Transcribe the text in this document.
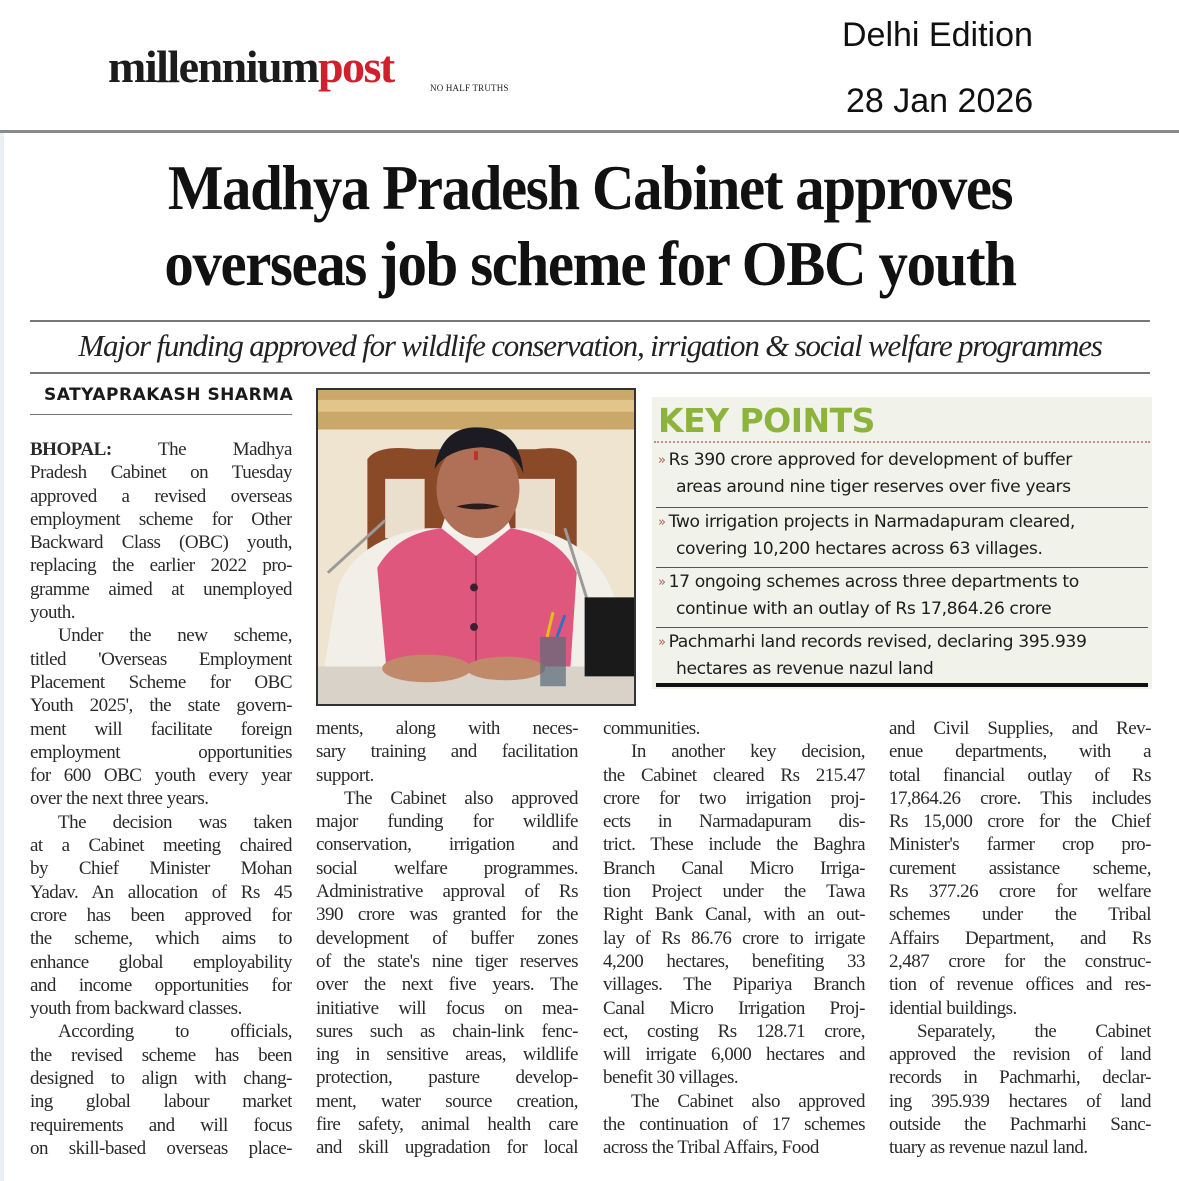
millenniumpost	NO HALF TRUTHS
Delhi Edition
28 Jan 2026
Madhya Pradesh Cabinet approves
overseas job scheme for OBC youth
Major funding approved for wildlife conservation, irrigation & social welfare programmes
SATYAPRAKASH SHARMA
KEY POINTS
» Rs 390 crore approved for development of buffer
areas around nine tiger reserves over five years
» Two irrigation projects in Narmadapuram cleared,
covering 10,200 hectares across 63 villages.
» 17 ongoing schemes across three departments to
continue with an outlay of Rs 17,864.26 crore
» Pachmarhi land records revised, declaring 395.939
hectares as revenue nazul land
BHOPAL: The Madhya
Pradesh Cabinet on Tuesday
approved a revised overseas
employment scheme for Other
Backward Class (OBC) youth,
replacing the earlier 2022 pro-
gramme aimed at unemployed
youth.
Under the new scheme,
titled 'Overseas Employment
Placement Scheme for OBC
Youth 2025', the state govern-
ment will facilitate foreign
employment opportunities
for 600 OBC youth every year
over the next three years.
The decision was taken
at a Cabinet meeting chaired
by Chief Minister Mohan
Yadav. An allocation of Rs 45
crore has been approved for
the scheme, which aims to
enhance global employability
and income opportunities for
youth from backward classes.
According to officials,
the revised scheme has been
designed to align with chang-
ing global labour market
requirements and will focus
on skill-based overseas place-
ments, along with neces-
sary training and facilitation
support.
The Cabinet also approved
major funding for wildlife
conservation, irrigation and
social welfare programmes.
Administrative approval of Rs
390 crore was granted for the
development of buffer zones
of the state's nine tiger reserves
over the next five years. The
initiative will focus on mea-
sures such as chain-link fenc-
ing in sensitive areas, wildlife
protection, pasture develop-
ment, water source creation,
fire safety, animal health care
and skill upgradation for local
communities.
In another key decision,
the Cabinet cleared Rs 215.47
crore for two irrigation proj-
ects in Narmadapuram dis-
trict. These include the Baghra
Branch Canal Micro Irriga-
tion Project under the Tawa
Right Bank Canal, with an out-
lay of Rs 86.76 crore to irrigate
4,200 hectares, benefiting 33
villages. The Pipariya Branch
Canal Micro Irrigation Proj-
ect, costing Rs 128.71 crore,
will irrigate 6,000 hectares and
benefit 30 villages.
The Cabinet also approved
the continuation of 17 schemes
across the Tribal Affairs, Food
and Civil Supplies, and Rev-
enue departments, with a
total financial outlay of Rs
17,864.26 crore. This includes
Rs 15,000 crore for the Chief
Minister's farmer crop pro-
curement assistance scheme,
Rs 377.26 crore for welfare
schemes under the Tribal
Affairs Department, and Rs
2,487 crore for the construc-
tion of revenue offices and res-
idential buildings.
Separately, the Cabinet
approved the revision of land
records in Pachmarhi, declar-
ing 395.939 hectares of land
outside the Pachmarhi Sanc-
tuary as revenue nazul land.
